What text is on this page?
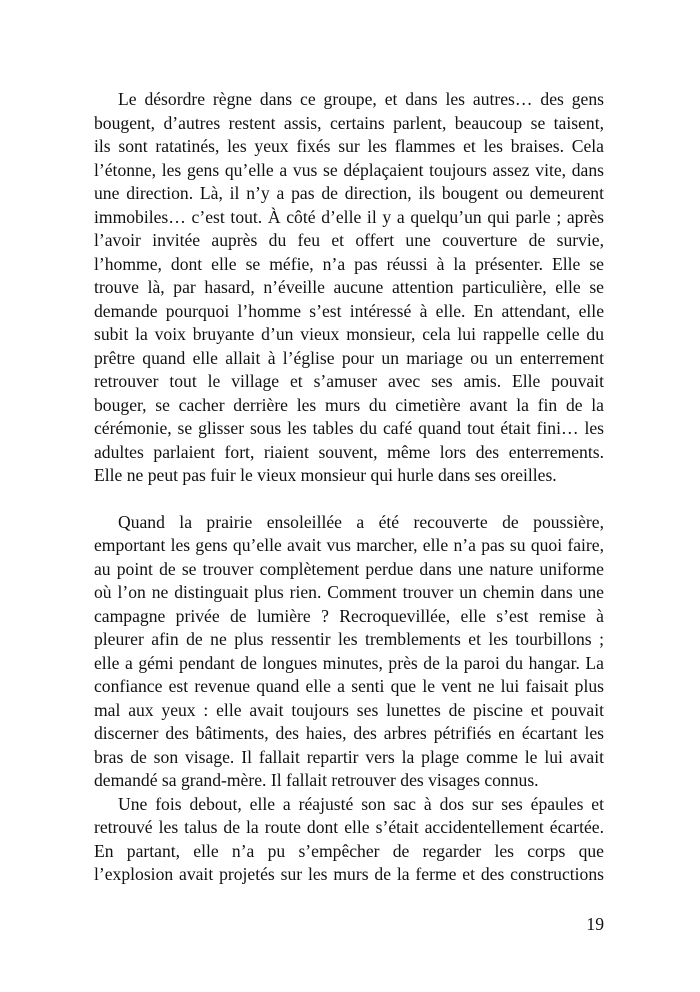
Le désordre règne dans ce groupe, et dans les autres… des gens
bougent, d’autres restent assis, certains parlent, beaucoup se taisent,
ils sont ratatinés, les yeux fixés sur les flammes et les braises. Cela
l’étonne, les gens qu’elle a vus se déplaçaient toujours assez vite, dans
une direction. Là, il n’y a pas de direction, ils bougent ou demeurent
immobiles… c’est tout. À côté d’elle il y a quelqu’un qui parle ; après
l’avoir invitée auprès du feu et offert une couverture de survie,
l’homme, dont elle se méfie, n’a pas réussi à la présenter. Elle se
trouve là, par hasard, n’éveille aucune attention particulière, elle se
demande pourquoi l’homme s’est intéressé à elle. En attendant, elle
subit la voix bruyante d’un vieux monsieur, cela lui rappelle celle du
prêtre quand elle allait à l’église pour un mariage ou un enterrement
retrouver tout le village et s’amuser avec ses amis. Elle pouvait
bouger, se cacher derrière les murs du cimetière avant la fin de la
cérémonie, se glisser sous les tables du café quand tout était fini… les
adultes parlaient fort, riaient souvent, même lors des enterrements.
Elle ne peut pas fuir le vieux monsieur qui hurle dans ses oreilles.
Quand la prairie ensoleillée a été recouverte de poussière,
emportant les gens qu’elle avait vus marcher, elle n’a pas su quoi faire,
au point de se trouver complètement perdue dans une nature uniforme
où l’on ne distinguait plus rien. Comment trouver un chemin dans une
campagne privée de lumière ? Recroquevillée, elle s’est remise à
pleurer afin de ne plus ressentir les tremblements et les tourbillons ;
elle a gémi pendant de longues minutes, près de la paroi du hangar. La
confiance est revenue quand elle a senti que le vent ne lui faisait plus
mal aux yeux : elle avait toujours ses lunettes de piscine et pouvait
discerner des bâtiments, des haies, des arbres pétrifiés en écartant les
bras de son visage. Il fallait repartir vers la plage comme le lui avait
demandé sa grand-mère. Il fallait retrouver des visages connus.
Une fois debout, elle a réajusté son sac à dos sur ses épaules et
retrouvé les talus de la route dont elle s’était accidentellement écartée.
En partant, elle n’a pu s’empêcher de regarder les corps que
l’explosion avait projetés sur les murs de la ferme et des constructions
19
